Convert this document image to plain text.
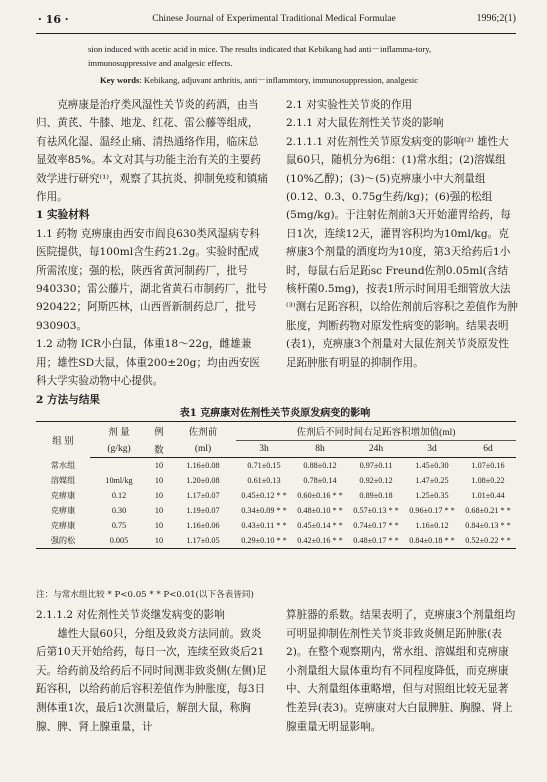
· 16 ·	Chinese Journal of Experimental Traditional Medical Formulae	1996;2(1)
sion induced with acetic acid in mice. The results indicated that Kebikang had anti－inflamma-tory, immunosuppressive and analgesic effects.
Key words: Kebikang, adjuvant arthritis, anti－inflammtory, immunosuppression, analgesic

克痹康是治疗类风湿性关节炎的药酒，由当归、黄芪、牛膝、地龙、红花、雷公藤等组成，有祛风化湿、温经止痛、清热通络作用，临床总显效率85%。本文对其与功能主治有关的主要药效学进行研究⁽¹⁾，观察了其抗炎、抑制免疫和镇痛作用。

1 实验材料

1.1 药物 克痹康由西安市阎良630类风湿病专科医院提供，每100ml含生药21.2g。实验时配成所需浓度；强的松，陕西省黄河制药厂，批号940330；雷公藤片，湖北省黄石市制药厂，批号920422；阿斯匹林，山西晋新制药总厂，批号930903。

1.2 动物 ICR小白鼠，体重18～22g，雌雄兼用；雄性SD大鼠，体重200±20g；均由西安医科大学实验动物中心提供。

2 方法与结果

2.1 对实验性关节炎的作用

2.1.1 对大鼠佐剂性关节炎的影响

2.1.1.1 对佐剂性关节原发病变的影响⁽²⁾ 雄性大鼠60只，随机分为6组：(1)常水组；(2)溶媒组(10%乙醇)；(3)～(5)克痹康小中大剂量组(0.12、0.3、0.75g生药/kg)；(6)强的松组(5mg/kg)。于注射佐剂前3天开始灌胃给药，每日1次，连续12天，灌胃容积均为10ml/kg。克痹康3个剂量的酒度均为10度，第3天给药后1小时，每鼠右后足跖sc Freund佐剂0.05ml(含结核杆菌0.5mg)，按表1所示时间用毛细管放大法⁽³⁾测右足跖容积，以给佐剂前后容积之差值作为肿胀度，判断药物对原发性病变的影响。结果表明(表1)，克痹康3个剂量对大鼠佐剂关节炎原发性足跖肿胀有明显的抑制作用。

表1 克痹康对佐剂性关节炎原发病变的影响
组 别	剂 量	例	佐剂前	佐剂后不同时间右足跖容积增加值(ml)				
	(g/kg)	数	(ml)	3h	8h	24h	3d	6d
常水组		10	1.16±0.08	0.71±0.15	0.88±0.12	0.97±0.11	1.45±0.30	1.07±0.16
溶媒组	10ml/kg	10	1.20±0.08	0.61±0.13	0.78±0.14	0.92±0.12	1.47±0.25	1.08±0.22
克痹康	0.12	10	1.17±0.07	0.45±0.12 * *	0.60±0.16 * *	0.89±0.18	1.25±0.35	1.01±0.44
克痹康	0.30	10	1.19±0.07	0.34±0.09 * *	0.48±0.10 * *	0.57±0.13 * *	0.96±0.17 * *	0.68±0.21 * *
克痹康	0.75	10	1.16±0.06	0.43±0.11 * *	0.45±0.14 * *	0.74±0.17 * *	1.16±0.12	0.84±0.13 * *
强的松	0.005	10	1.17±0.05	0.29±0.10 * *	0.42±0.16 * *	0.48±0.17 * *	0.84±0.18 * *	0.52±0.22 * *
注：与常水组比较 * P<0.05 * * P<0.01(以下各表皆同)

2.1.1.2 对佐剂性关节炎继发病变的影响

雄性大鼠60只，分组及致炎方法同前。致炎后第10天开始给药，每日一次，连续至致炎后21天。给药前及给药后不同时间测非致炎侧(左侧)足跖容积，以给药前后容积差值作为肿胀度，每3日测体重1次，最后1次测量后，解剖大鼠，称胸腺、脾、肾上腺重量，计

算脏器的系数。结果表明了，克痹康3个剂量组均可明显抑制佐剂性关节炎非致炎侧足跖肿胀(表2)。在整个观察期内，常水组、溶媒组和克痹康小剂量组大鼠体重均有不同程度降低，而克痹康中、大剂量组体重略增，但与对照组比较无显著性差异(表3)。克痹康对大白鼠脾脏、胸腺、肾上腺重量无明显影响。
